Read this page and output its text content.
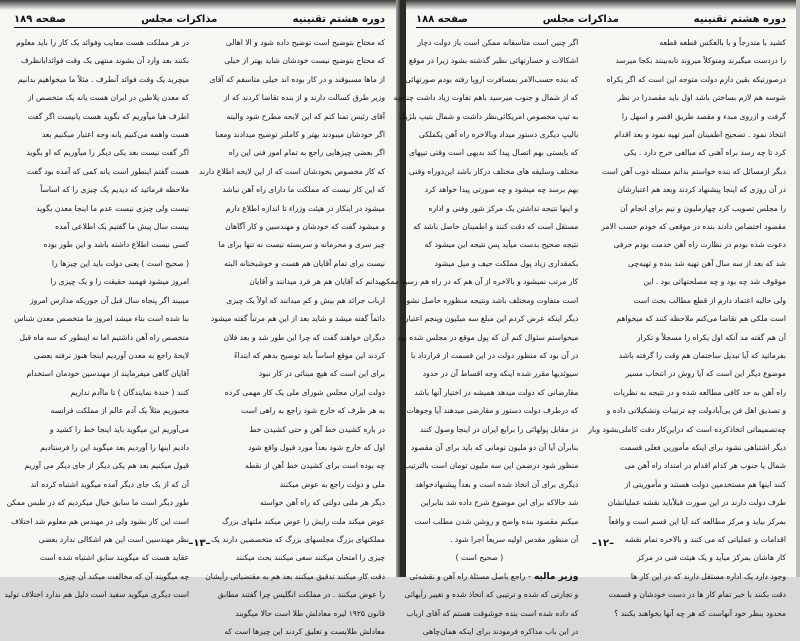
دوره هشتم تقنینیه
مذاکرات مجلس
صفحه ۱۸۹
که محتاج بتوضیح است توضیح داده شود و الا اهالی
که محتاج بتوضیح نیست خودشان شاید بهتر از خیلی
از ماها مسبوقند و در کار بوده اند خیلی متاسفم که آقای
وزیر طرق کسالت دارند و از بنده تقاضا کردند که از
آقای رئیس تمنا کنم که این لایحه مطرح شود والبته
اگر خودشان میبودند بهتر و کاملتر توضیح میدادند ومعنا
اگر بعضی چیزهایی راجع به تمام امور فنی این راه
که کار مخصوص بخودشان است که از این لایحه اطلاع دارند
که این کار نیست که مملکت ما دارای راه آهن نباشد
میشود در اینکار در هیئت وزراء تا اندازه اطلاع دارم
و میشود گفت که خودشان و مهندسین و کار آگاهان
چیز سری و محرمانه و سربسته نیست نه تنها برای ما
نیست برای تمام آقایان هم هست و خوشبختانه البته
میدانم که آقایان هم هر فرد میدانند و آقایان
ارباب جرائد هم بیش و کم میدانند که اولاً یک چیزی
دائماً گفته میشد و شاید بعد از این هم مرتباً گفته میشود
دیگران خواهند گفت که چرا این طور شد و بعد فلان
کردند این موقع اساساً باید توضیح بدهم که ابتداءً
برای این است که هیچ مبنائی در کار نبود
دولت ایران مجلس شورای ملی یک کار مهمی کرده
به هر طرف که خارج شود راجع به راهی است
در باره کشیدن خط آهن و حتی کشیدن خط
اول که خارج شود بعداً مورد قبول واقع شود
چه بوده است برای کشیدن خط آهن از نقطه
ملی و دولت راجع به عوض میکنند
دیگر هر ملتی دولتی که راه آهن خواسته
عوض میکند ملت رایش را عوض میکند ملتهای بزرگ
مملکتهای بزرگ مجلسهای بزرگ که متخصصین دارند یک
چیزی را امتحان میکنند سعی میکنند بحث میکنند
دقت کار میکنند تدقیق میکنند بعد هم به مقتضیاتی رأیشان
را عوض میکنند . در مملکت انگلیس چرا گفتند مطابق
قانون ۱۹۲۵ لیره معادلش طلا است حالا میگویند
معادلش طلایست و تعلیق کردند این چیزها است که
در هر مملکت هست معایب وفوائد یک کار را باید معلوم
بکنند بعد وارد آن بشوند منتهی یک وقت فوائدابانظرف
میچربد یک وقت فوائد آنطرف . مثلاً ما میخواهیم بدانیم
که معدن پلاطین در ایران هست یانه یک متخصص از
اطرف هیا میآوریم که بگوید هست یانیست اگر گفت
هست واهمه می‌کنیم یانه وجه اعتبار میکنیم بعد
اگر گفت نیست بعد یکی دیگر را میآوریم که او بگوید
هست گفتم اینطور است یانه کمی که آمده بود گفت
ملاحظه فرمائید که دیدیم یک چیزی را که اساساً
نیست ولی چیزی نیست عدم ما اینجا معدن بگوید
بیست سال پیش ما گفتیم یک اطلاعی آمده
کسی نیست اطلاع داشته باشد و این طور بوده
( صحیح است ) یعنی دولت باید این چیزها را
امروز میشود فهمید حقیقت را و یک چیزی را
میبیند اگر پنجاه سال قبل آن جوریکه مدارس امروز
بنا شده است بناء میشد امروز ما متخصص معدن شناس
متخصص راه آهن داشتیم اما نه اینطور که سه ماه قبل
لایحهٔ راجع به معدن آوردیم اینجا هنوز نرفته بعضی
آقایان گاهی میفرمایند از مهندسین خودمان استخدام
کنند ( خندهٔ نمایندگان ) تا ماآدم نداریم
مجبوریم مثلاً یک آدم عالم از مملکت فرانسه
می‌آوریم این میگوید باید اینجا خط را کشید و
دادیم اینها را آوردیم بعد میگوید این را فرستادیم
قبول میکنیم بعد هم یکی دیگر از جای دیگر می آوریم
آن که از یک جای دیگر آمده میگوید اشتباه کرده اند
طور دیگر است ما سابق خیال میکردیم که در طبس ممکن
است این کار بشود ولی در مهندس هم معلوم شد اختلاف
نظر مهندسین است این هم اشکالی ندارد بعضی
عقاید هست که میگویند سابق اشتباه شده است
چه میگویند آن که مخالفت میکند آن چیزی
است دیگری میگوید سفید است دلیل هم ندارد اختلاف تولید
–۱۳–
دوره هشتم تقنینیه
مذاکرات مجلس
صفحه ۱۸۸
کشید با متدرجاً و با بالعکس قطعه قطعه
را دردست میگیرند ومتوکلاً میروند تابه‌بینند بکجا میرسد
درصورتیکه بقین دارم دولت متوجه این است که اگر یکراه
شوسه هم لازم بساختن باشد اول باید مقصدرا در نظر
گرفت و ازروی مبدء و مقصد طریق اقصر و اسهل را
انتخاذ نمود . تصحیح اطمینان آمیز تهیه نمود و بعد اقدام
کرد تا چه رسد براه آهنی که مبالغی خرج دارد . یکی
دیگر ازمسائل که بنده خواستم بدانم مسئله ذوب آهن است
در آن روزی که اینجا پیشنهاد کردند وبعد هم اعتبارشان
را مجلس تصویب کرد چهارملیون و نیم برای انجام آن
مقصود اختصاص دادند بنده در موقعی که خودم حسب الامر
دعوت شده بودم در نظارت راه آهن خدمت بودم حرفی
شد که بعد از سه سال آهن تهیه شد بنده و تهیه‌چی
موقوف شد چه بود و چه مصلحتهائی بود . این
ولی حالیه اعتماد دارم از قطع مطالب بحث است
است ملکی هم تقاضا می‌کنم ملاحظه کنند که میخواهم
آن هم گفته مد آنکه اول یکراه را مسجلاً و تکرار
بفرمائید که آیا تبدیل ساختمان هم وقت را گرفته باشد
موضوع دیگر این است که آیا روش در انتخاب مسیر
راه آهن به‌ حد کافی مطالعه شده و در نتیجه به نظریات
و تصدیق اهل فن بی‌آبادولت چه ترتیبات وتشکیلاتی داده و
چه‌تصمیماتی اتخاذکرده است که دراین‌کار دقت کاملی‌بشود وبار
دیگر اشتباهی نشود برای اینکه مأمورین فعلی قسمت
شمال یا جنوب هر کدام اقدام در امتداد راه آهن می
کنند اینها هم مستخدمین دولت هستند و مأموریتی از
طرف دولت دارند در این صورت قبلاًباید نقشه عملیاتشان
بمرکز بیاید و مرکز مطالعه کند آیا این قسم است و واقعاً
اقدامات و عملیاتی که می کنند و بالاخره تمام نقشه
کار هاشان بمرکز میآید و یک هیئت فنی در مرکز
وجود دارد یک اداره مستقل دارند که در این کار ها
دقت بکنند با خبر تمام کار ها در دست خودشان و قسمت
محدود بنظر خود آنهاست که هر چه آنها بخواهند بکنند ؟
اگر چنین است متاسفانه ممکن است باز دولت دچار
اشکالات و خسارتهائی نظیر گذشته بشود زیرا در موقع
که بنده حسب‌الامر بمسافرت اروپا رفته بودم صورتهائی
که از شمال و جنوب میرسید باهم تفاوت زیاد داشت چنانچه
به تیپ مخصوص امریکائی‌نظر داشت و شمال بتیپ بلژیک
بالیپ دیگری دستور میداد وبالاخره راه آهن یکملکی
که بایستی بهم اتصال پیدا کند بدیهی است وقتی تیپهای
مختلف وسلیقه های مختلف درکار باشد این‌دوراه وقتی
بهم برسد چه میشود و چه صورتی پیدا خواهد کرد
و اینها نتیجه نداشتن یک مرکز شور وفنی و اداره
مستقل است که دقت کنند و اطمینان حاصل باشد که
نتیجه صحیح بدست میآید پس نتیجه این میشود که
بکمقداری زیاد پول مملکت حیف و میل میشود
کار مرتب نمیشود و بالاخره از آن هم که در راه هم رسید ممکن
است متفاوت ومختلف باشد ونتیجه منظوره حاصل نشود
دیگر اینکه عرض کردم این مبلغ سه میلیون وپنجم اعتبار
میخواستم سئوال کنم آن که پول موقع در مجلس شده بود
در آن بود که منظور دولت در این قسمت از قرارداد با
سیوئدیها مقرر شده اینکه وجه اقساط آن در حدود
مقارضانی که دولت میدهد همیشه در اختیار آنها باشد
که درطرف دولت دستور و مقارضی میدهند آیا وجوهات
در مقابل پولهائی را برابع ایران در اینجا وصول کنند
بنابرآن آیا آن دو ملیون تومانی که باید برای آن مقصود
منظور شود درضمن این سه ملیون تومان است بالترتیب
دیگری برای آن اتخاذ شده است و بعداً پیشنهادخواهد
شد حالاکه برای این موضوع شرح داده شد بنابراین
میکنم مقصود بنده واضح و روشن شدن مطلب است
آن منظور مقدس اولیه سریعاً اجرا شود .
( صحیح است )
وزیر مالیه – راجع باصل مسئلهٔ راه آهن و نقشه‌ئی
و تجارتی که شده و ترتیبی که اتخاذ شده و تغییر رأیهائی
که داده شده است بنده خوشوقت هستم که آقای ارباب
در این باب مذاکره فرمودند برای اینکه همان‌چاهی
–۱۲–
